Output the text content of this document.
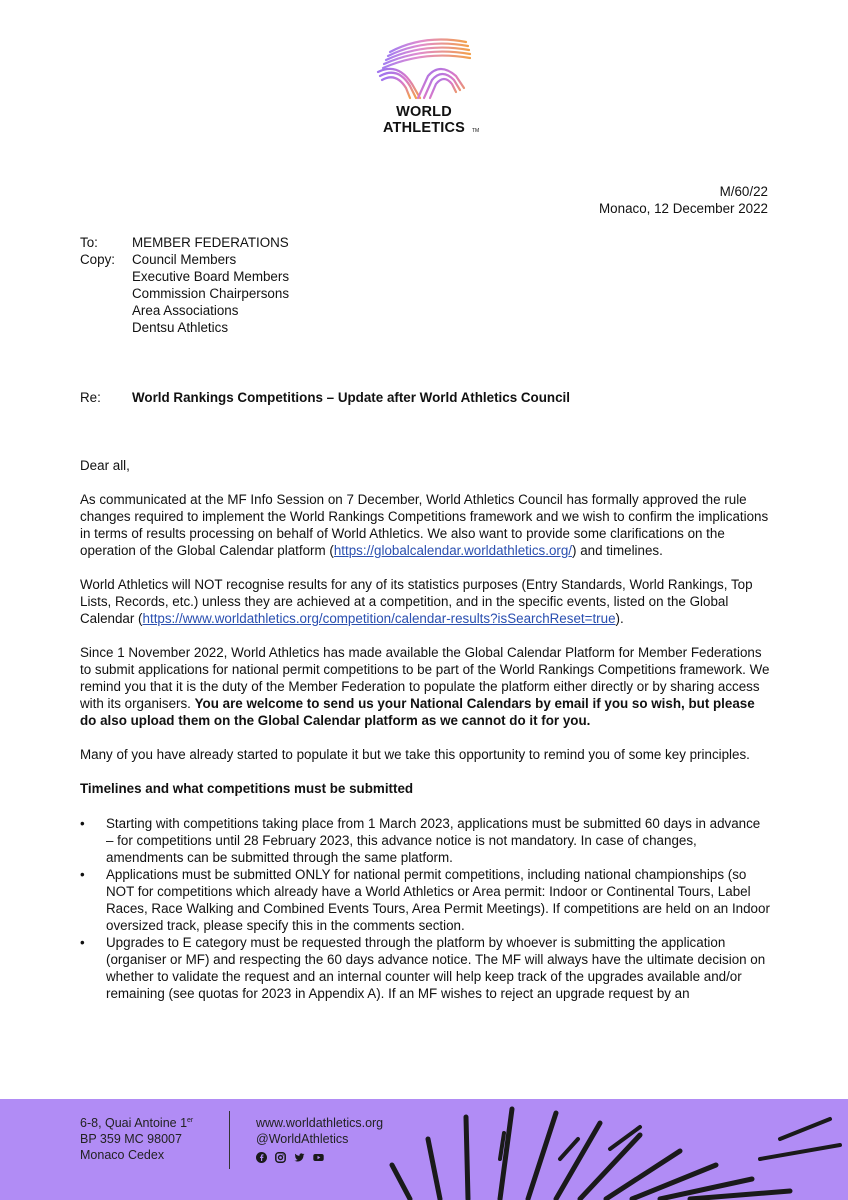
WORLD
ATHLETICS	TM
M/60/22
Monaco, 12 December 2022
To:	MEMBER FEDERATIONS
Copy:	Council Members
Executive Board Members
Commission Chairpersons
Area Associations
Dentsu Athletics
Re:	World Rankings Competitions – Update after World Athletics Council

Dear all,

As communicated at the MF Info Session on 7 December, World Athletics Council has formally approved the rule changes required to implement the World Rankings Competitions framework and we wish to confirm the implications in terms of results processing on behalf of World Athletics. We also want to provide some clarifications on the operation of the Global Calendar platform (https://globalcalendar.worldathletics.org/) and timelines.

World Athletics will NOT recognise results for any of its statistics purposes (Entry Standards, World Rankings, Top Lists, Records, etc.) unless they are achieved at a competition, and in the specific events, listed on the Global Calendar (https://www.worldathletics.org/competition/calendar-results?isSearchReset=true).

Since 1 November 2022, World Athletics has made available the Global Calendar Platform for Member Federations to submit applications for national permit competitions to be part of the World Rankings Competitions framework. We remind you that it is the duty of the Member Federation to populate the platform either directly or by sharing access with its organisers. You are welcome to send us your National Calendars by email if you so wish, but please do also upload them on the Global Calendar platform as we cannot do it for you.

Many of you have already started to populate it but we take this opportunity to remind you of some key principles.

Timelines and what competitions must be submitted
• Starting with competitions taking place from 1 March 2023, applications must be submitted 60 days in advance – for competitions until 28 February 2023, this advance notice is not mandatory. In case of changes, amendments can be submitted through the same platform.
• Applications must be submitted ONLY for national permit competitions, including national championships (so NOT for competitions which already have a World Athletics or Area permit: Indoor or Continental Tours, Label Races, Race Walking and Combined Events Tours, Area Permit Meetings). If competitions are held on an Indoor oversized track, please specify this in the comments section.
• Upgrades to E category must be requested through the platform by whoever is submitting the application (organiser or MF) and respecting the 60 days advance notice. The MF will always have the ultimate decision on whether to validate the request and an internal counter will help keep track of the upgrades available and/or remaining (see quotas for 2023 in Appendix A). If an MF wishes to reject an upgrade request by an
6-8, Quai Antoine 1er
BP 359 MC 98007
Monaco Cedex
www.worldathletics.org
@WorldAthletics
